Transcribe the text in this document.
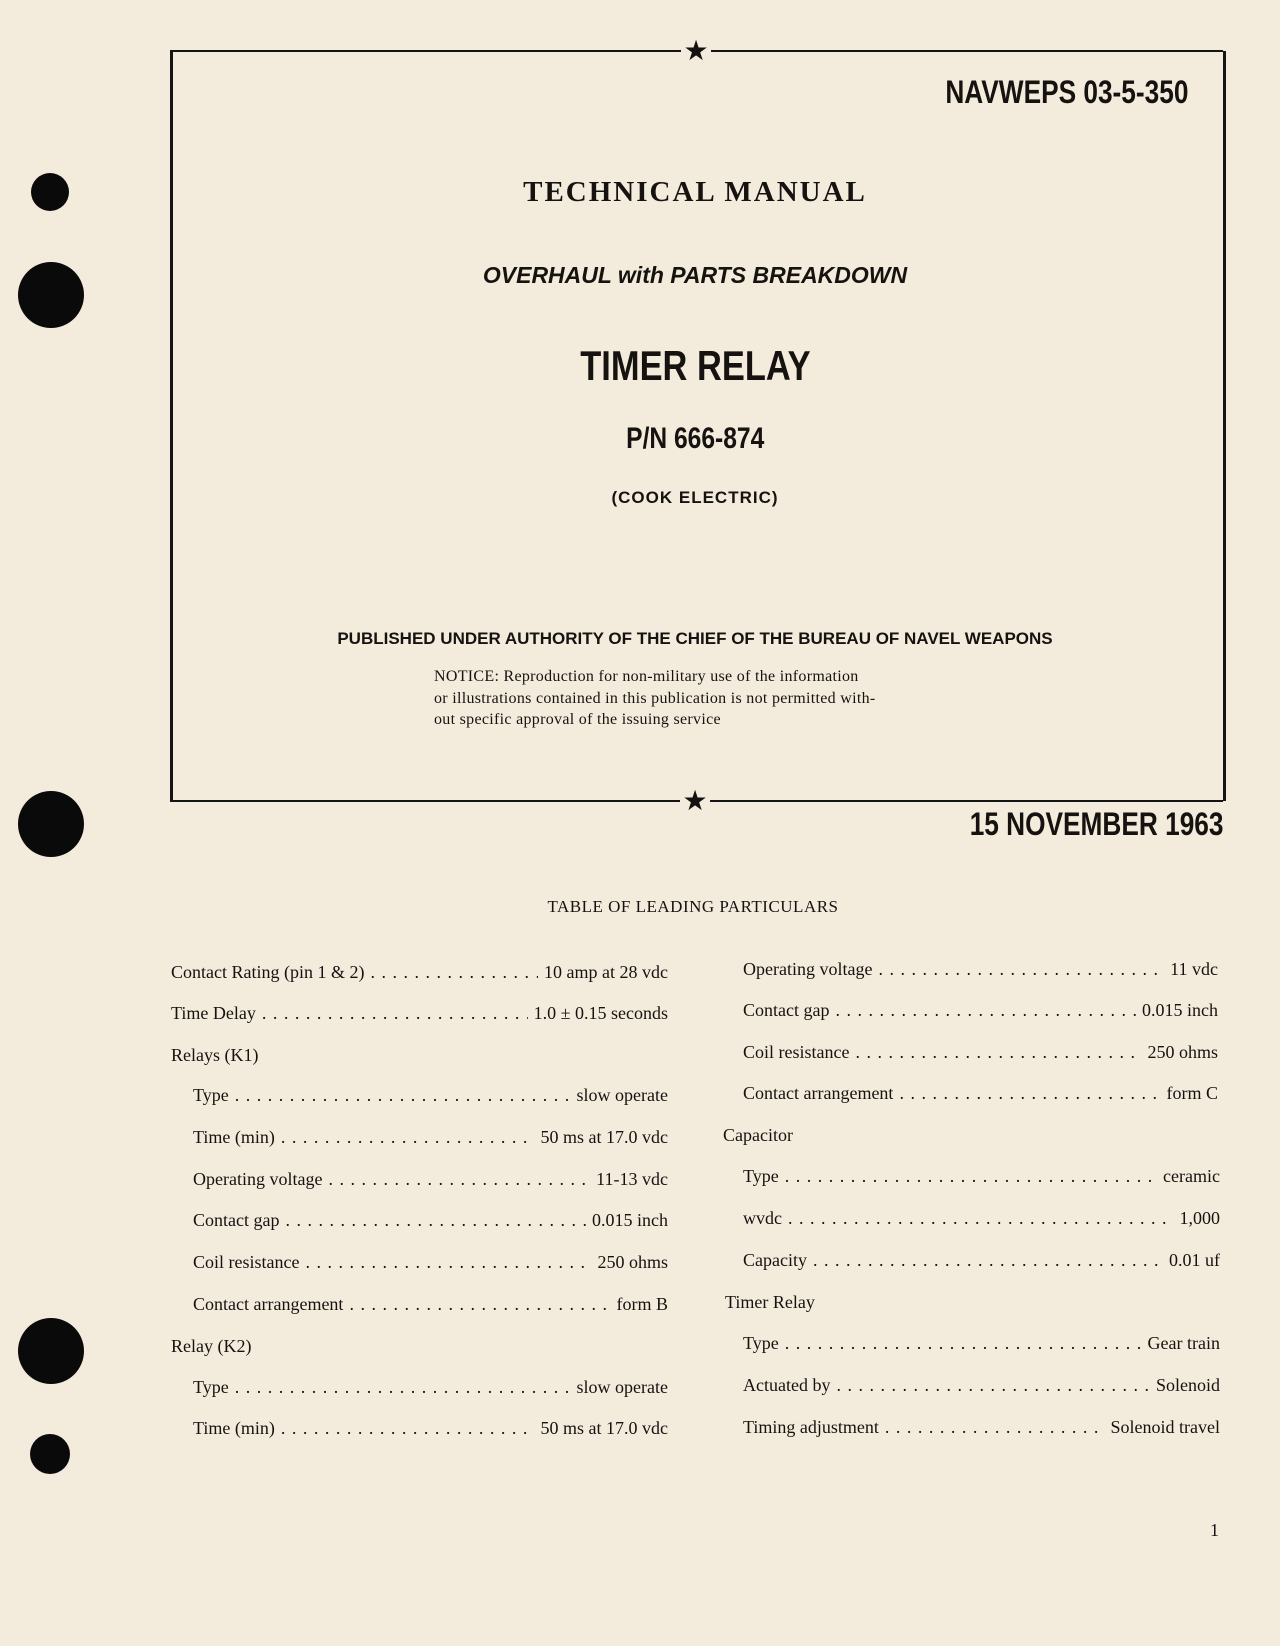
★
★
NAVWEPS 03-5-350
TECHNICAL MANUAL
OVERHAUL with PARTS BREAKDOWN
TIMER RELAY
P/N 666-874
(COOK ELECTRIC)
PUBLISHED UNDER AUTHORITY OF THE CHIEF OF THE BUREAU OF NAVEL WEAPONS
NOTICE: Reproduction for non-military use of the information
or illustrations contained in this publication is not permitted with-
out specific approval of the issuing service
15 NOVEMBER 1963
TABLE OF LEADING PARTICULARS
Contact Rating (pin 1 & 2) . . .	10 amp at 28 vdc
Time Delay . . .	1.0 ± 0.15 seconds
Relays (K1)
Type . . .	slow operate
Time (min) . . .	50 ms at 17.0 vdc
Operating voltage . . .	11-13 vdc
Contact gap . . .	0.015 inch
Coil resistance . . .	250 ohms
Contact arrangement . . .	form B
Relay (K2)
Type . . .	slow operate
Time (min) . . .	50 ms at 17.0 vdc
Operating voltage . . .	11 vdc
Contact gap . . .	0.015 inch
Coil resistance . . .	250 ohms
Contact arrangement . . .	form C
Capacitor
Type . . .	ceramic
wvdc . . .	1,000
Capacity . . .	0.01 uf
Timer Relay
Type . . .	Gear train
Actuated by . . .	Solenoid
Timing adjustment . . .	Solenoid travel
1
